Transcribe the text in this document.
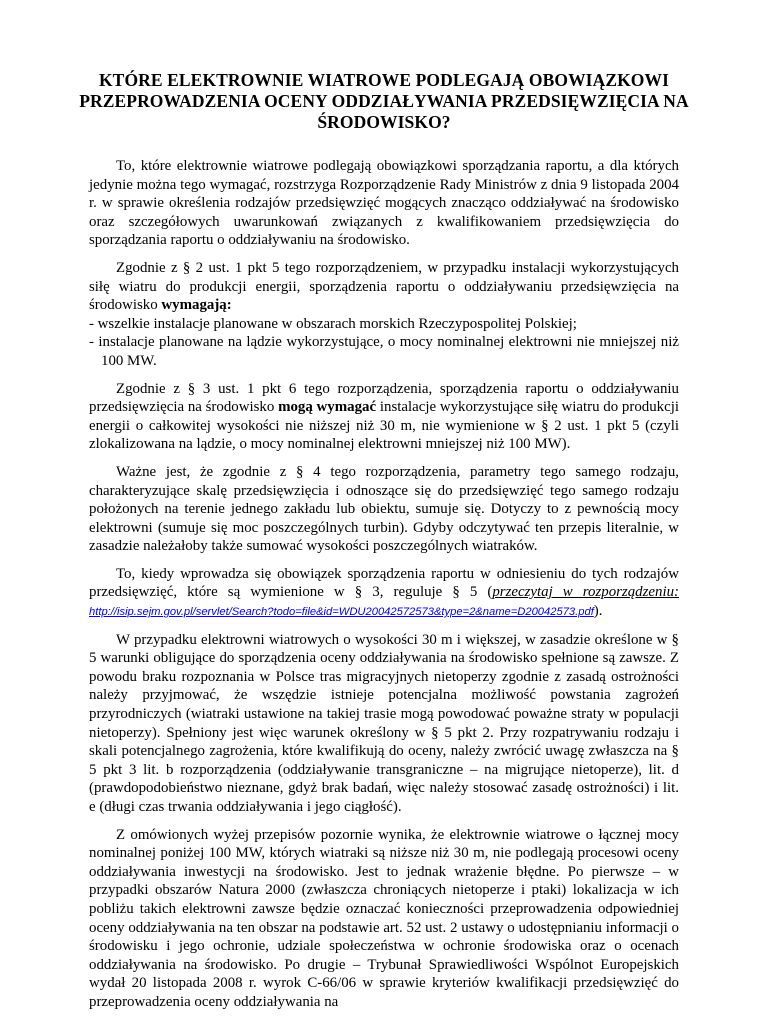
KTÓRE ELEKTROWNIE WIATROWE PODLEGAJĄ OBOWIĄZKOWI PRZEPROWADZENIA OCENY ODDZIAŁYWANIA PRZEDSIĘWZIĘCIA NA ŚRODOWISKO?

To, które elektrownie wiatrowe podlegają obowiązkowi sporządzania raportu, a dla których jedynie można tego wymagać, rozstrzyga Rozporządzenie Rady Ministrów z dnia 9 listopada 2004 r. w sprawie określenia rodzajów przedsięwzięć mogących znacząco oddziaływać na środowisko oraz szczegółowych uwarunkowań związanych z kwalifikowaniem przedsięwzięcia do sporządzania raportu o oddziaływaniu na środowisko.

Zgodnie z § 2 ust. 1 pkt 5 tego rozporządzeniem, w przypadku instalacji wykorzystujących siłę wiatru do produkcji energii, sporządzenia raportu o oddziaływaniu przedsięwzięcia na środowisko wymagają:

- wszelkie instalacje planowane w obszarach morskich Rzeczypospolitej Polskiej;
- instalacje planowane na lądzie wykorzystujące, o mocy nominalnej elektrowni nie mniejszej niż 100 MW.

Zgodnie z § 3 ust. 1 pkt 6 tego rozporządzenia, sporządzenia raportu o oddziaływaniu przedsięwzięcia na środowisko mogą wymagać instalacje wykorzystujące siłę wiatru do produkcji energii o całkowitej wysokości nie niższej niż 30 m, nie wymienione w § 2 ust. 1 pkt 5 (czyli zlokalizowana na lądzie, o mocy nominalnej elektrowni mniejszej niż 100 MW).

Ważne jest, że zgodnie z § 4 tego rozporządzenia, parametry tego samego rodzaju, charakteryzujące skalę przedsięwzięcia i odnoszące się do przedsięwzięć tego samego rodzaju położonych na terenie jednego zakładu lub obiektu, sumuje się. Dotyczy to z pewnością mocy elektrowni (sumuje się moc poszczególnych turbin). Gdyby odczytywać ten przepis literalnie, w zasadzie należałoby także sumować wysokości poszczególnych wiatraków.

To, kiedy wprowadza się obowiązek sporządzenia raportu w odniesieniu do tych rodzajów przedsięwzięć, które są wymienione w § 3, reguluje § 5 (przeczytaj w rozporządzeniu: http://isip.sejm.gov.pl/servlet/Search?todo=file&id=WDU20042572573&type=2&name=D20042573.pdf).

W przypadku elektrowni wiatrowych o wysokości 30 m i większej, w zasadzie określone w § 5 warunki obligujące do sporządzenia oceny oddziaływania na środowisko spełnione są zawsze. Z powodu braku rozpoznania w Polsce tras migracyjnych nietoperzy zgodnie z zasadą ostrożności należy przyjmować, że wszędzie istnieje potencjalna możliwość powstania zagrożeń przyrodniczych (wiatraki ustawione na takiej trasie mogą powodować poważne straty w populacji nietoperzy). Spełniony jest więc warunek określony w § 5 pkt 2. Przy rozpatrywaniu rodzaju i skali potencjalnego zagrożenia, które kwalifikują do oceny, należy zwrócić uwagę zwłaszcza na § 5 pkt 3 lit. b rozporządzenia (oddziaływanie transgraniczne – na migrujące nietoperze), lit. d (prawdopodobieństwo nieznane, gdyż brak badań, więc należy stosować zasadę ostrożności) i lit. e (długi czas trwania oddziaływania i jego ciągłość).

Z omówionych wyżej przepisów pozornie wynika, że elektrownie wiatrowe o łącznej mocy nominalnej poniżej 100 MW, których wiatraki są niższe niż 30 m, nie podlegają procesowi oceny oddziaływania inwestycji na środowisko. Jest to jednak wrażenie błędne. Po pierwsze – w przypadki obszarów Natura 2000 (zwłaszcza chroniących nietoperze i ptaki) lokalizacja w ich pobliżu takich elektrowni zawsze będzie oznaczać konieczności przeprowadzenia odpowiedniej oceny oddziaływania na ten obszar na podstawie art. 52 ust. 2 ustawy o udostępnianiu informacji o środowisku i jego ochronie, udziale społeczeństwa w ochronie środowiska oraz o ocenach oddziaływania na środowisko. Po drugie – Trybunał Sprawiedliwości Wspólnot Europejskich wydał 20 listopada 2008 r. wyrok C-66/06 w sprawie kryteriów kwalifikacji przedsięwzięć do przeprowadzenia oceny oddziaływania na
